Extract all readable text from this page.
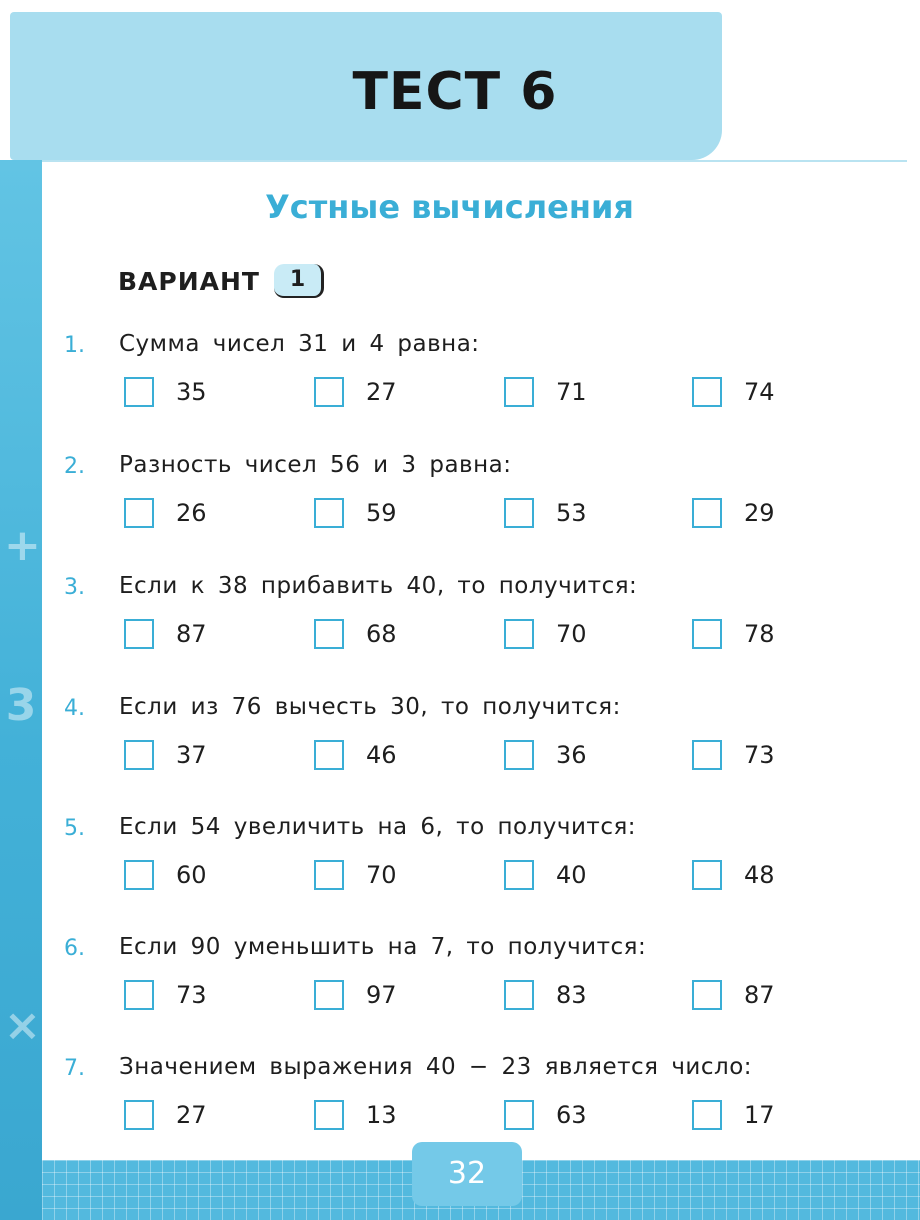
+
3
×
ТЕСТ 6
Устные вычисления
ВАРИАНТ	1
1. Сумма чисел 31 и 4 равна:
35	27	71	74
2. Разность чисел 56 и 3 равна:
26	59	53	29
3. Если к 38 прибавить 40, то получится:
87	68	70	78
4. Если из 76 вычесть 30, то получится:
37	46	36	73
5. Если 54 увеличить на 6, то получится:
60	70	40	48
6. Если 90 уменьшить на 7, то получится:
73	97	83	87
7. Значением выражения 40 − 23 является число:
27	13	63	17
32
